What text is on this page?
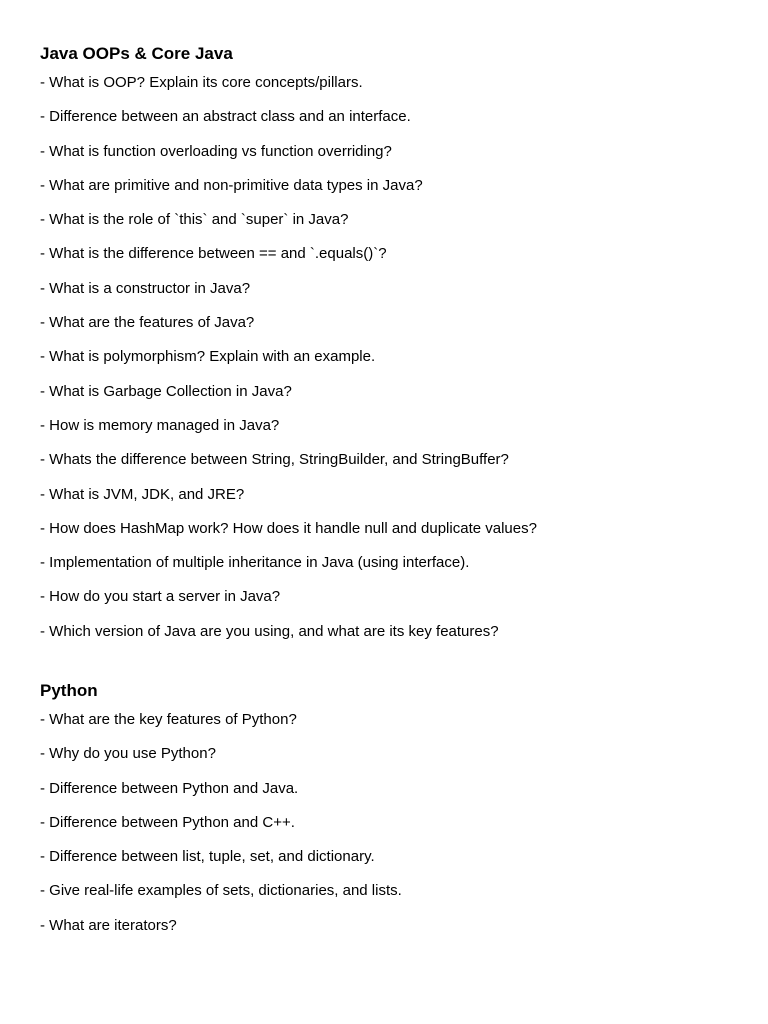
Java OOPs & Core Java
- What is OOP? Explain its core concepts/pillars.
- Difference between an abstract class and an interface.
- What is function overloading vs function overriding?
- What are primitive and non-primitive data types in Java?
- What is the role of `this` and `super` in Java?
- What is the difference between == and `.equals()`?
- What is a constructor in Java?
- What are the features of Java?
- What is polymorphism? Explain with an example.
- What is Garbage Collection in Java?
- How is memory managed in Java?
- Whats the difference between String, StringBuilder, and StringBuffer?
- What is JVM, JDK, and JRE?
- How does HashMap work? How does it handle null and duplicate values?
- Implementation of multiple inheritance in Java (using interface).
- How do you start a server in Java?
- Which version of Java are you using, and what are its key features?
Python
- What are the key features of Python?
- Why do you use Python?
- Difference between Python and Java.
- Difference between Python and C++.
- Difference between list, tuple, set, and dictionary.
- Give real-life examples of sets, dictionaries, and lists.
- What are iterators?
